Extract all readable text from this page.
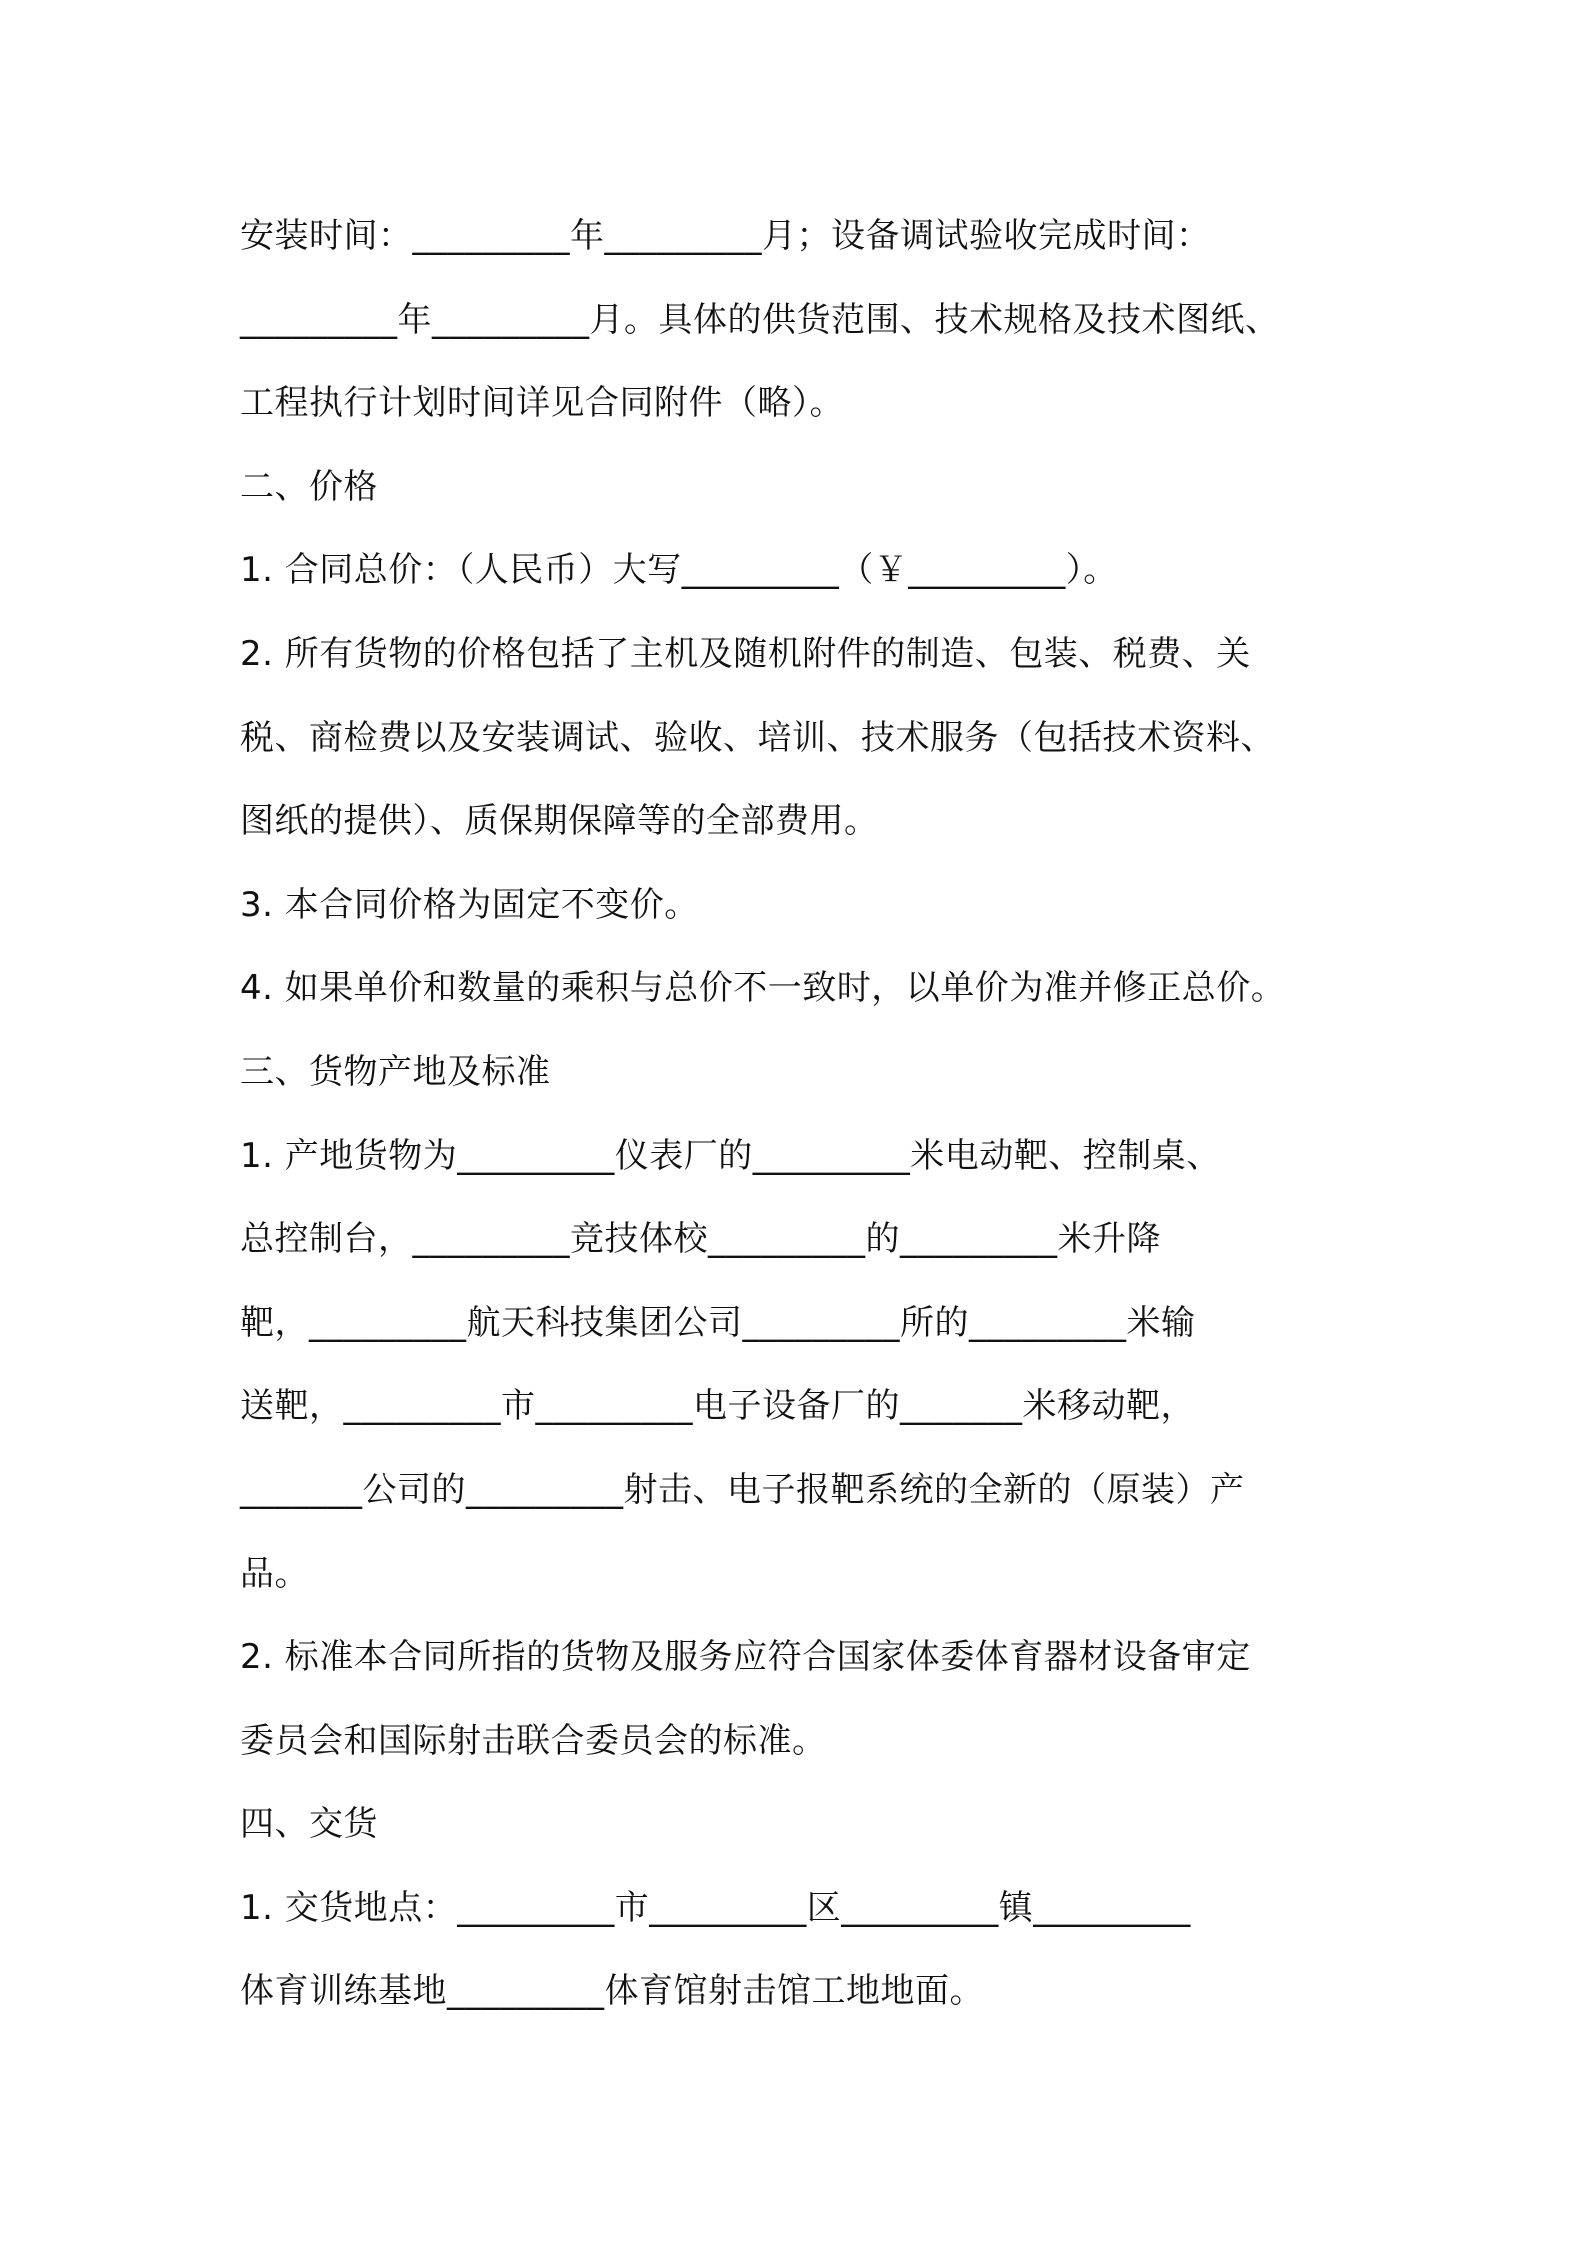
安装时间：_________年_________月；设备调试验收完成时间：
_________年_________月。具体的供货范围、技术规格及技术图纸、
工程执行计划时间详见合同附件（略）。
二、价格
1. 合同总价：（人民币）大写_________（￥_________）。
2. 所有货物的价格包括了主机及随机附件的制造、包装、税费、关
税、商检费以及安装调试、验收、培训、技术服务（包括技术资料、
图纸的提供）、质保期保障等的全部费用。
3. 本合同价格为固定不变价。
4. 如果单价和数量的乘积与总价不一致时，以单价为准并修正总价。
三、货物产地及标准
1. 产地货物为_________仪表厂的_________米电动靶、控制桌、
总控制台，_________竞技体校_________的_________米升降
靶，_________航天科技集团公司_________所的_________米输
送靶，_________市_________电子设备厂的_______米移动靶，
_______公司的_________射击、电子报靶系统的全新的（原装）产
品。
2. 标准本合同所指的货物及服务应符合国家体委体育器材设备审定
委员会和国际射击联合委员会的标准。
四、交货
1. 交货地点：_________市_________区_________镇_________
体育训练基地_________体育馆射击馆工地地面。
